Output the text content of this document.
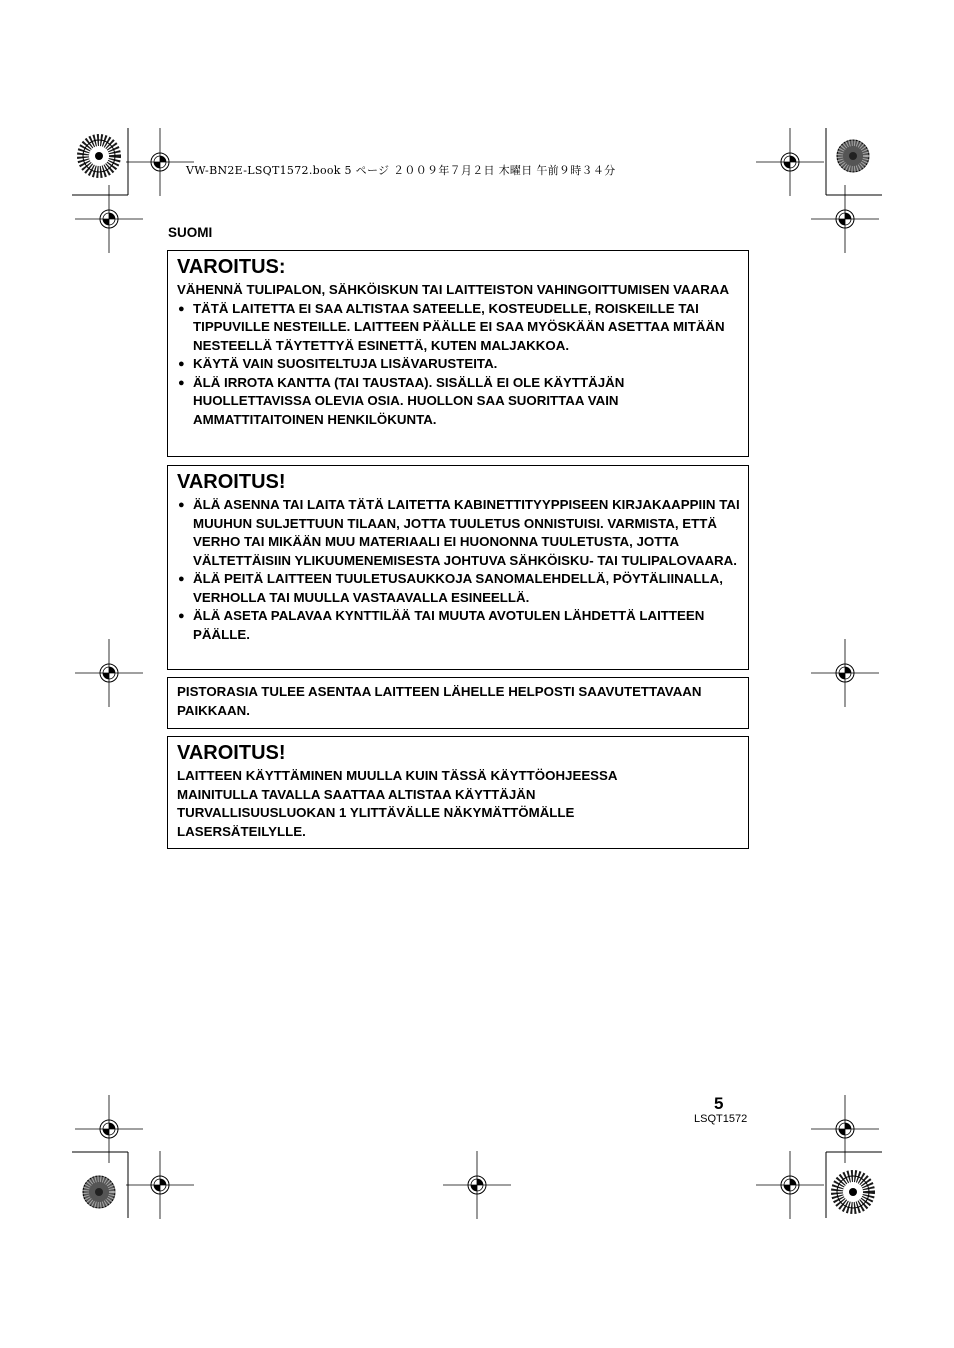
VW-BN2E-LSQT1572.book 5 ページ ２００９年７月２日 木曜日 午前９時３４分
SUOMI
VAROITUS:
VÄHENNÄ TULIPALON, SÄHKÖISKUN TAI LAITTEISTON VAHINGOITTUMISEN VAARAA
● TÄTÄ LAITETTA EI SAA ALTISTAA SATEELLE, KOSTEUDELLE, ROISKEILLE TAI TIPPUVILLE NESTEILLE. LAITTEEN PÄÄLLE EI SAA MYÖSKÄÄN ASETTAA MITÄÄN NESTEELLÄ TÄYTETTYÄ ESINETTÄ, KUTEN MALJAKKOA.
● KÄYTÄ VAIN SUOSITELTUJA LISÄVARUSTEITA.
● ÄLÄ IRROTA KANTTA (TAI TAUSTAA). SISÄLLÄ EI OLE KÄYTTÄJÄN HUOLLETTAVISSA OLEVIA OSIA. HUOLLON SAA SUORITTAA VAIN AMMATTITAITOINEN HENKILÖKUNTA.
VAROITUS!
● ÄLÄ ASENNA TAI LAITA TÄTÄ LAITETTA KABINETTITYYPPISEEN KIRJAKAAPPIIN TAI MUUHUN SULJETTUUN TILAAN, JOTTA TUULETUS ONNISTUISI. VARMISTA, ETTÄ VERHO TAI MIKÄÄN MUU MATERIAALI EI HUONONNA TUULETUSTA, JOTTA VÄLTETTÄISIIN YLIKUUMENEMISESTA JOHTUVA SÄHKÖISKU- TAI TULIPALOVAARA.
● ÄLÄ PEITÄ LAITTEEN TUULETUSAUKKOJA SANOMALEHDELLÄ, PÖYTÄLIINALLA, VERHOLLA TAI MUULLA VASTAAVALLA ESINEELLÄ.
● ÄLÄ ASETA PALAVAA KYNTTILÄÄ TAI MUUTA AVOTULEN LÄHDETTÄ LAITTEEN PÄÄLLE.
PISTORASIA TULEE ASENTAA LAITTEEN LÄHELLE HELPOSTI SAAVUTETTAVAAN PAIKKAAN.
VAROITUS!
LAITTEEN KÄYTTÄMINEN MUULLA KUIN TÄSSÄ KÄYTTÖOHJEESSA MAINITULLA TAVALLA SAATTAA ALTISTAA KÄYTTÄJÄN TURVALLISUUSLUOKAN 1 YLITTÄVÄLLE NÄKYMÄTTÖMÄLLE LASERSÄTEILYLLE.
5
LSQT1572
